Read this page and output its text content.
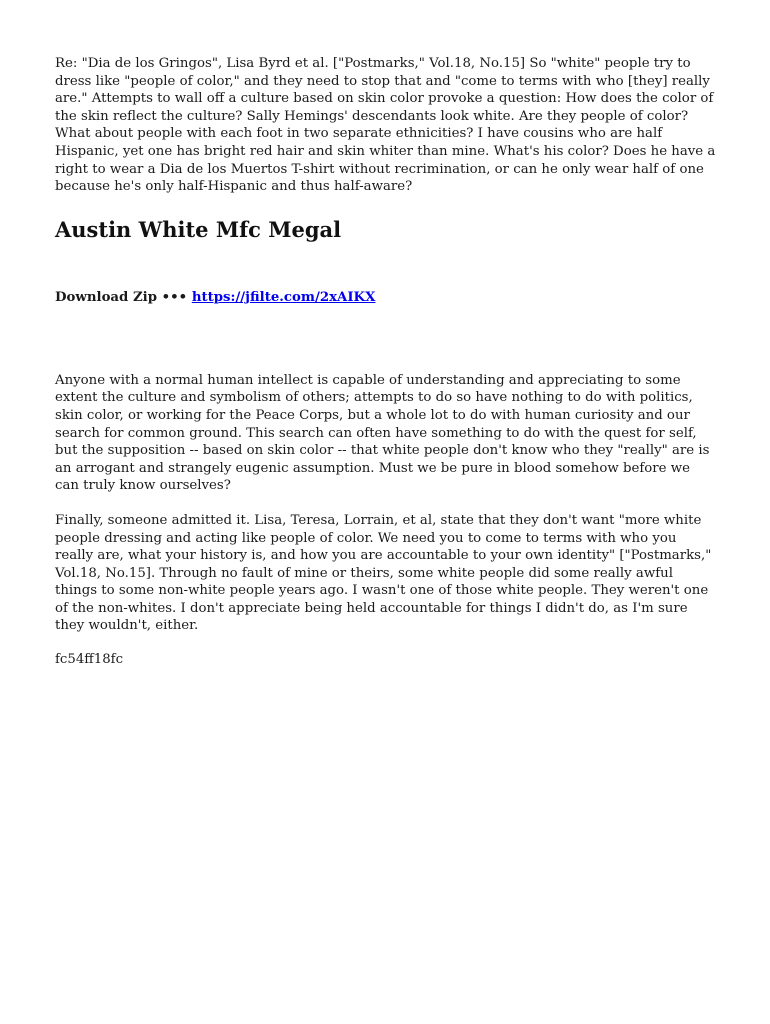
Re: "Dia de los Gringos", Lisa Byrd et al. ["Postmarks," Vol.18, No.15] So "white" people try to dress like "people of color," and they need to stop that and "come to terms with who [they] really are." Attempts to wall off a culture based on skin color provoke a question: How does the color of the skin reflect the culture? Sally Hemings' descendants look white. Are they people of color? What about people with each foot in two separate ethnicities? I have cousins who are half Hispanic, yet one has bright red hair and skin whiter than mine. What's his color? Does he have a right to wear a Dia de los Muertos T-shirt without recrimination, or can he only wear half of one because he's only half-Hispanic and thus half-aware?

Austin White Mfc Megal
Download Zip ••• https://jfilte.com/2xAIKX

Anyone with a normal human intellect is capable of understanding and appreciating to some extent the culture and symbolism of others; attempts to do so have nothing to do with politics, skin color, or working for the Peace Corps, but a whole lot to do with human curiosity and our search for common ground. This search can often have something to do with the quest for self, but the supposition -- based on skin color -- that white people don't know who they "really" are is an arrogant and strangely eugenic assumption. Must we be pure in blood somehow before we can truly know ourselves?

Finally, someone admitted it. Lisa, Teresa, Lorrain, et al, state that they don't want "more white people dressing and acting like people of color. We need you to come to terms with who you really are, what your history is, and how you are accountable to your own identity" ["Postmarks," Vol.18, No.15]. Through no fault of mine or theirs, some white people did some really awful things to some non-white people years ago. I wasn't one of those white people. They weren't one of the non-whites. I don't appreciate being held accountable for things I didn't do, as I'm sure they wouldn't, either.

fc54ff18fc
